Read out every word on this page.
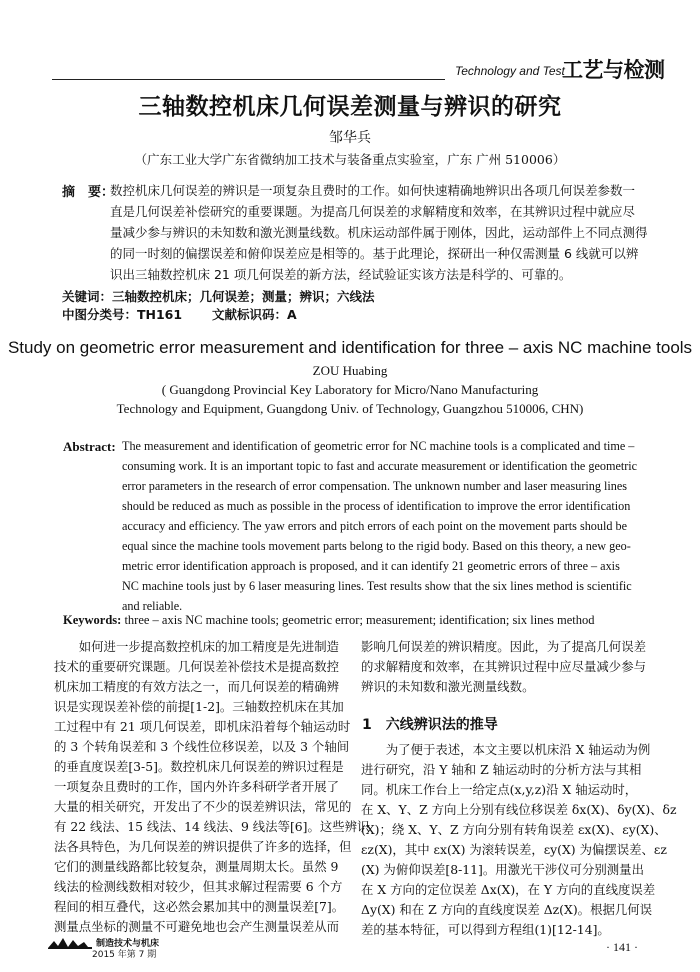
Technology and Test
工艺与检测
三轴数控机床几何误差测量与辨识的研究
邹华兵
（广东工业大学广东省微纳加工技术与装备重点实验室，广东 广州 510006）
摘　要：
数控机床几何误差的辨识是一项复杂且费时的工作。如何快速精确地辨识出各项几何误差参数一
直是几何误差补偿研究的重要课题。为提高几何误差的求解精度和效率，在其辨识过程中就应尽
量减少参与辨识的未知数和激光测量线数。机床运动部件属于刚体，因此，运动部件上不同点测得
的同一时刻的偏摆误差和俯仰误差应是相等的。基于此理论，探研出一种仅需测量 6 线就可以辨
识出三轴数控机床 21 项几何误差的新方法，经试验证实该方法是科学的、可靠的。
关键词：三轴数控机床；几何误差；测量；辨识；六线法
中图分类号：TH161 文献标识码：A
Study on geometric error measurement and identification for three – axis NC machine tools
ZOU Huabing
( Guangdong Provincial Key Laboratory for Micro/Nano Manufacturing
Technology and Equipment, Guangdong Univ. of Technology, Guangzhou 510006, CHN)
Abstract: The measurement and identification of geometric error for NC machine tools is a complicated and time –
consuming work. It is an important topic to fast and accurate measurement or identification the geometric
error parameters in the research of error compensation. The unknown number and laser measuring lines
should be reduced as much as possible in the process of identification to improve the error identification
accuracy and efficiency. The yaw errors and pitch errors of each point on the movement parts should be
equal since the machine tools movement parts belong to the rigid body. Based on this theory, a new geo-
metric error identification approach is proposed, and it can identify 21 geometric errors of three – axis
NC machine tools just by 6 laser measuring lines. Test results show that the six lines method is scientific
and reliable.
Keywords: three – axis NC machine tools; geometric error; measurement; identification; six lines method
　　如何进一步提高数控机床的加工精度是先进制造
技术的重要研究课题。几何误差补偿技术是提高数控
机床加工精度的有效方法之一，而几何误差的精确辨
识是实现误差补偿的前提[1-2]。三轴数控机床在其加
工过程中有 21 项几何误差，即机床沿着每个轴运动时
的 3 个转角误差和 3 个线性位移误差，以及 3 个轴间
的垂直度误差[3-5]。数控机床几何误差的辨识过程是
一项复杂且费时的工作，国内外许多科研学者开展了
大量的相关研究，开发出了不少的误差辨识法，常见的
有 22 线法、15 线法、14 线法、9 线法等[6]。这些辨识
法各具特色，为几何误差的辨识提供了许多的选择，但
它们的测量线路都比较复杂，测量周期太长。虽然 9
线法的检测线数相对较少，但其求解过程需要 6 个方
程间的相互叠代，这必然会累加其中的测量误差[7]。
测量点坐标的测量不可避免地也会产生测量误差从而
影响几何误差的辨识精度。因此，为了提高几何误差
的求解精度和效率，在其辨识过程中应尽量减少参与
辨识的未知数和激光测量线数。
1 六线辨识法的推导
　　为了便于表述，本文主要以机床沿 X 轴运动为例
进行研究，沿 Y 轴和 Z 轴运动时的分析方法与其相
同。机床工作台上一给定点(x,y,z)沿 X 轴运动时，
在 X、Y、Z 方向上分别有线位移误差 δx(X)、δy(X)、δz
(X)；绕 X、Y、Z 方向分别有转角误差 εx(X)、εy(X)、
εz(X)，其中 εx(X) 为滚转误差，εy(X) 为偏摆误差、εz
(X) 为俯仰误差[8-11]。用激光干涉仪可分别测量出
在 X 方向的定位误差 Δx(X)，在 Y 方向的直线度误差
Δy(X) 和在 Z 方向的直线度误差 Δz(X)。根据几何误
差的基本特征，可以得到方程组(1)[12-14]。
制造技术与机床
2015 年第 7 期
· 141 ·
